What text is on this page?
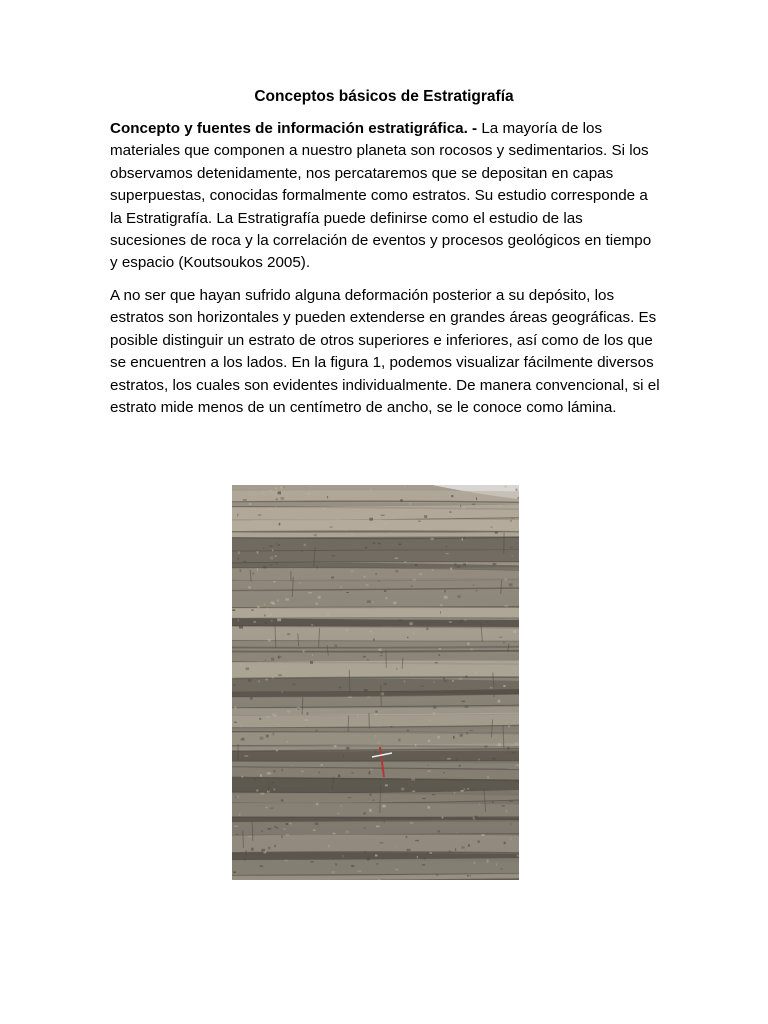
Conceptos básicos de Estratigrafía

Concepto y fuentes de información estratigráfica. - La mayoría de los materiales que componen a nuestro planeta son rocosos y sedimentarios. Si los observamos detenidamente, nos percataremos que se depositan en capas superpuestas, conocidas formalmente como estratos. Su estudio corresponde a la Estratigrafía. La Estratigrafía puede definirse como el estudio de las sucesiones de roca y la correlación de eventos y procesos geológicos en tiempo y espacio (Koutsoukos 2005).

A no ser que hayan sufrido alguna deformación posterior a su depósito, los estratos son horizontales y pueden extenderse en grandes áreas geográficas. Es posible distinguir un estrato de otros superiores e inferiores, así como de los que se encuentren a los lados. En la figura 1, podemos visualizar fácilmente diversos estratos, los cuales son evidentes individualmente. De manera convencional, si el estrato mide menos de un centímetro de ancho, se le conoce como lámina.
